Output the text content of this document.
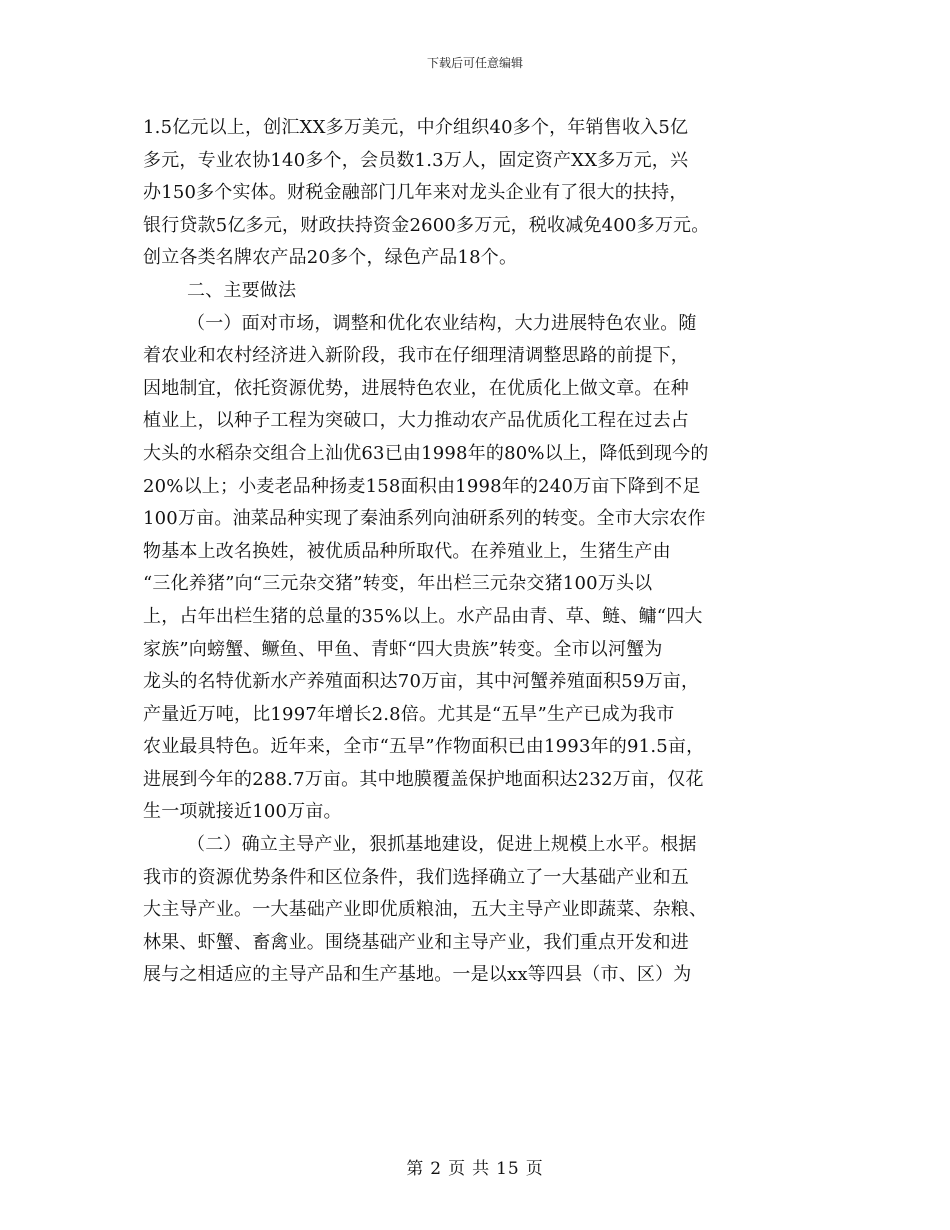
下载后可任意编辑
1.5亿元以上，创汇XX多万美元，中介组织40多个，年销售收入5亿
多元，专业农协140多个，会员数1.3万人，固定资产XX多万元，兴
办150多个实体。财税金融部门几年来对龙头企业有了很大的扶持，
银行贷款5亿多元，财政扶持资金2600多万元，税收减免400多万元。
创立各类名牌农产品20多个，绿色产品18个。
二、主要做法
（一）面对市场，调整和优化农业结构，大力进展特色农业。随
着农业和农村经济进入新阶段，我市在仔细理清调整思路的前提下，
因地制宜，依托资源优势，进展特色农业，在优质化上做文章。在种
植业上，以种子工程为突破口，大力推动农产品优质化工程在过去占
大头的水稻杂交组合上汕优63已由1998年的80%以上，降低到现今的
20%以上；小麦老品种扬麦158面积由1998年的240万亩下降到不足
100万亩。油菜品种实现了秦油系列向油研系列的转变。全市大宗农作
物基本上改名换姓，被优质品种所取代。在养殖业上，生猪生产由
“三化养猪”向“三元杂交猪”转变，年出栏三元杂交猪100万头以
上，占年出栏生猪的总量的35%以上。水产品由青、草、鲢、鳙“四大
家族”向螃蟹、鳜鱼、甲鱼、青虾“四大贵族”转变。全市以河蟹为
龙头的名特优新水产养殖面积达70万亩，其中河蟹养殖面积59万亩，
产量近万吨，比1997年增长2.8倍。尤其是“五旱”生产已成为我市
农业最具特色。近年来，全市“五旱”作物面积已由1993年的91.5亩，
进展到今年的288.7万亩。其中地膜覆盖保护地面积达232万亩，仅花
生一项就接近100万亩。
（二）确立主导产业，狠抓基地建设，促进上规模上水平。根据
我市的资源优势条件和区位条件，我们选择确立了一大基础产业和五
大主导产业。一大基础产业即优质粮油，五大主导产业即蔬菜、杂粮、
林果、虾蟹、畜禽业。围绕基础产业和主导产业，我们重点开发和进
展与之相适应的主导产品和生产基地。一是以xx等四县（市、区）为
第 2 页 共 15 页
